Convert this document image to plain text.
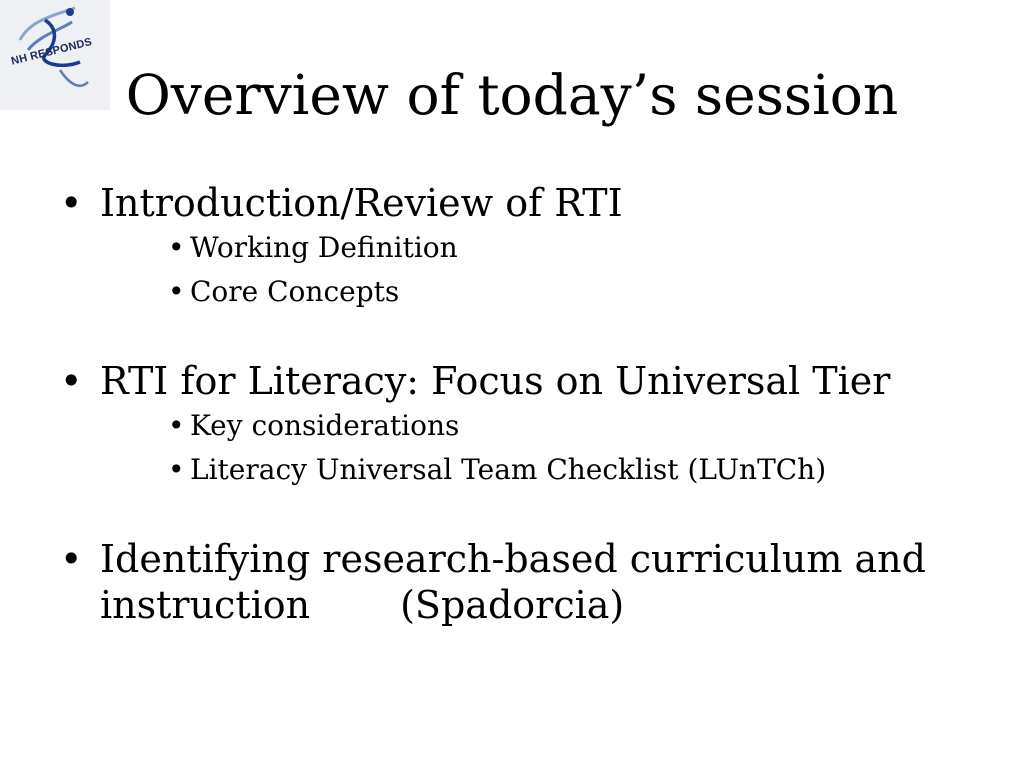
NH RESPONDS
Overview of today’s session
• Introduction/Review of RTI
• Working Definition
• Core Concepts
• RTI for Literacy: Focus on Universal Tier
• Key considerations
• Literacy Universal Team Checklist (LUnTCh)
• Identifying research-based curriculum and
instruction (Spadorcia)
